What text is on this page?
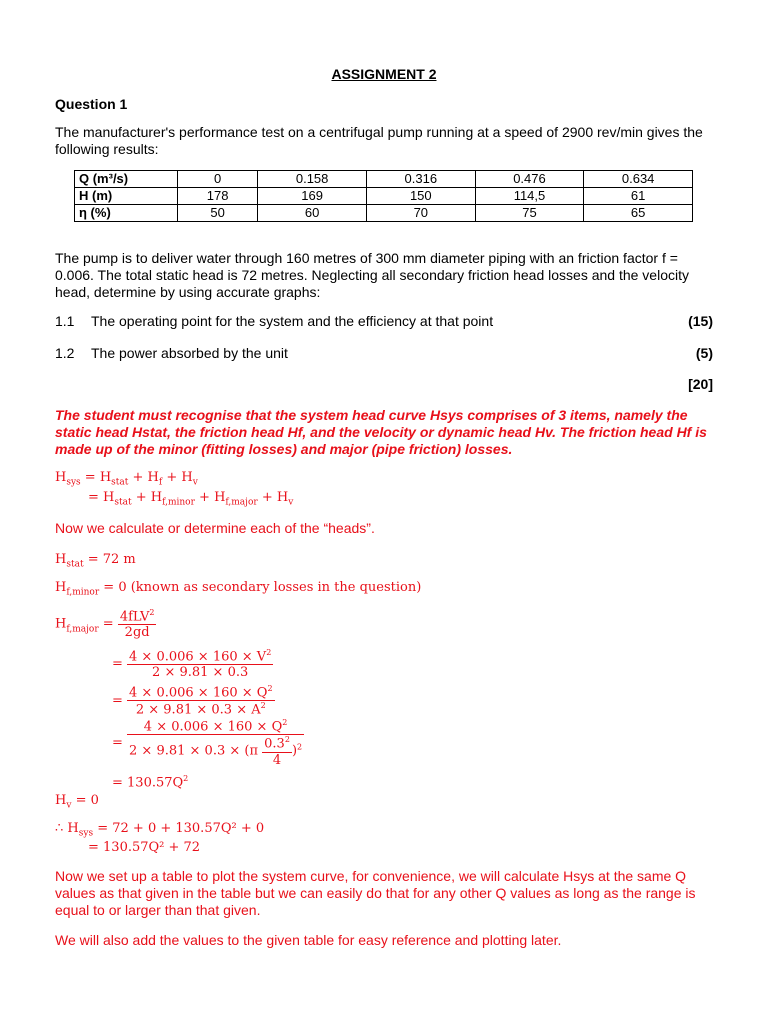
ASSIGNMENT 2
Question 1
The manufacturer's performance test on a centrifugal pump running at a speed of 2900 rev/min gives the following results:
Q (m³/s)	0	0.158	0.316	0.476	0.634
H (m)	178	169	150	114,5	61
η (%)	50	60	70	75	65
The pump is to deliver water through 160 metres of 300 mm diameter piping with an friction factor f = 0.006. The total static head is 72 metres. Neglecting all secondary friction head losses and the velocity head, determine by using accurate graphs:
1.1 The operating point for the system and the efficiency at that point	(15)
1.2 The power absorbed by the unit	(5)
[20]
The student must recognise that the system head curve Hsys comprises of 3 items, namely the static head Hstat, the friction head Hf, and the velocity or dynamic head Hv. The friction head Hf is made up of the minor (fitting losses) and major (pipe friction) losses.
$H_{sys} = H_{stat} + H_f + H_v$
= $H_{stat} + H_{f,minor} + H_{f,major} + H_v$
Now we calculate or determine each of the “heads”.
$H_{stat} = 72$ m
$H_{f,minor} = 0$ (known as secondary losses in the question)
$H_{f,major} = \frac{4fLV^2}{2gd}$
= $\frac{4 \times 0.006 \times 160 \times V^2}{2 \times 9.81 \times 0.3}$
= $\frac{4 \times 0.006 \times 160 \times Q^2}{2 \times 9.81 \times 0.3 \times A^2}$
= $\frac{4 \times 0.006 \times 160 \times Q^2}{2 \times 9.81 \times 0.3 \times (\pi \frac{0.3^2}{4} )^2}$
= $130.57Q^2$
$H_v = 0$
∴ $H_{sys} = 72 + 0 + 130.57Q^2 + 0$
= 130.57Q² + 72
Now we set up a table to plot the system curve, for convenience, we will calculate Hsys at the same Q values as that given in the table but we can easily do that for any other Q values as long as the range is equal to or larger than that given.
We will also add the values to the given table for easy reference and plotting later.
